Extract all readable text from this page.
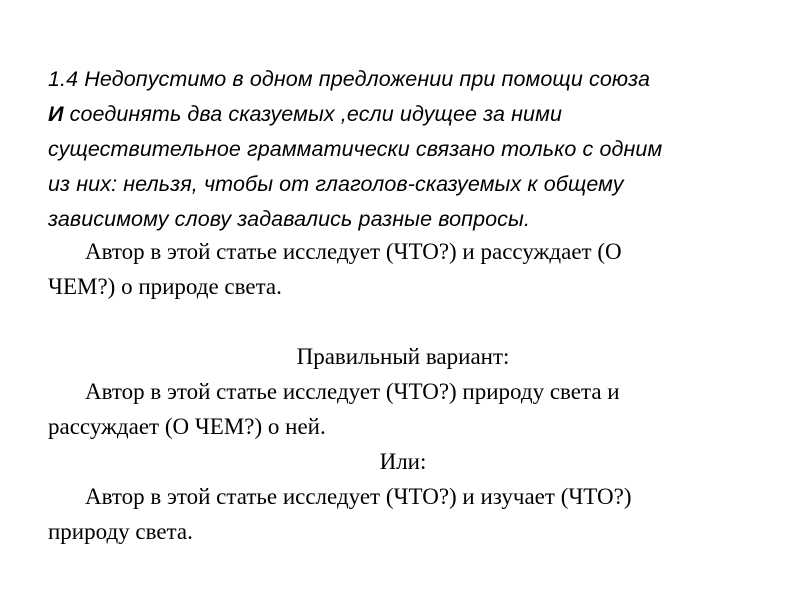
1.4 Недопустимо в одном предложении при помощи союза
И соединять два сказуемых ,если идущее за ними
существительное грамматически связано только с одним
из них: нельзя, чтобы от глаголов-сказуемых к общему
зависимому слову задавались разные вопросы.
Автор в этой статье исследует (ЧТО?) и рассуждает (О
ЧЕМ?) о природе света.
Правильный вариант:
Автор в этой статье исследует (ЧТО?) природу света и
рассуждает (О ЧЕМ?) о ней.
Или:
Автор в этой статье исследует (ЧТО?) и изучает (ЧТО?)
природу света.
